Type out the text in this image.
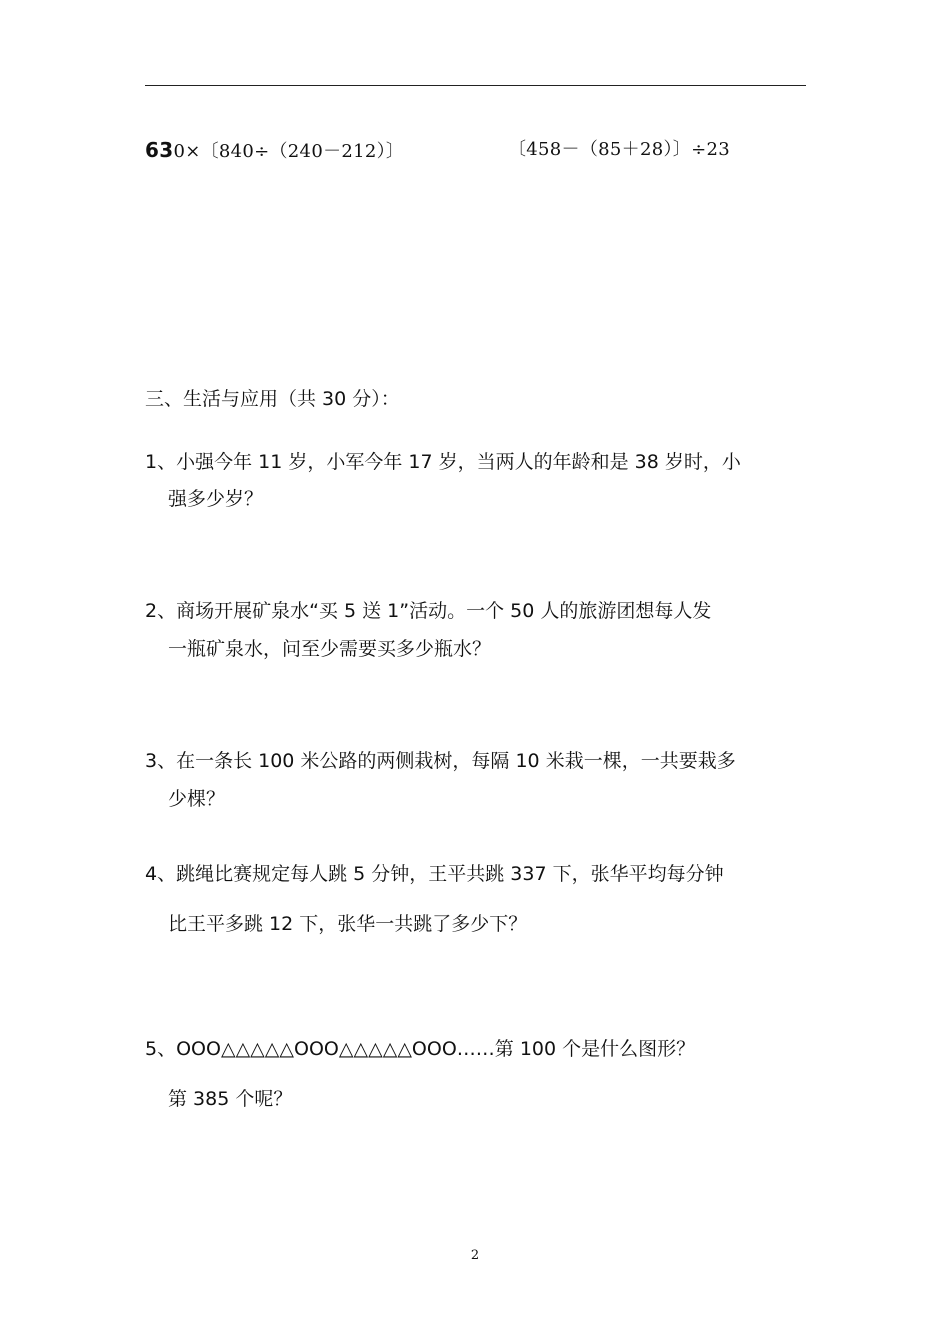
630×〔840÷（240－212）〕	〔458－（85＋28）〕÷23
三、生活与应用（共 30 分）：
1、小强今年 11 岁，小军今年 17 岁，当两人的年龄和是 38 岁时，小
强多少岁？
2、商场开展矿泉水“买 5 送 1”活动。一个 50 人的旅游团想每人发
一瓶矿泉水，问至少需要买多少瓶水？
3、在一条长 100 米公路的两侧栽树，每隔 10 米栽一棵，一共要栽多
少棵？
4、跳绳比赛规定每人跳 5 分钟，王平共跳 337 下，张华平均每分钟
比王平多跳 12 下，张华一共跳了多少下？
5、OOO△△△△△OOO△△△△△OOO……第 100 个是什么图形？
第 385 个呢？
2
